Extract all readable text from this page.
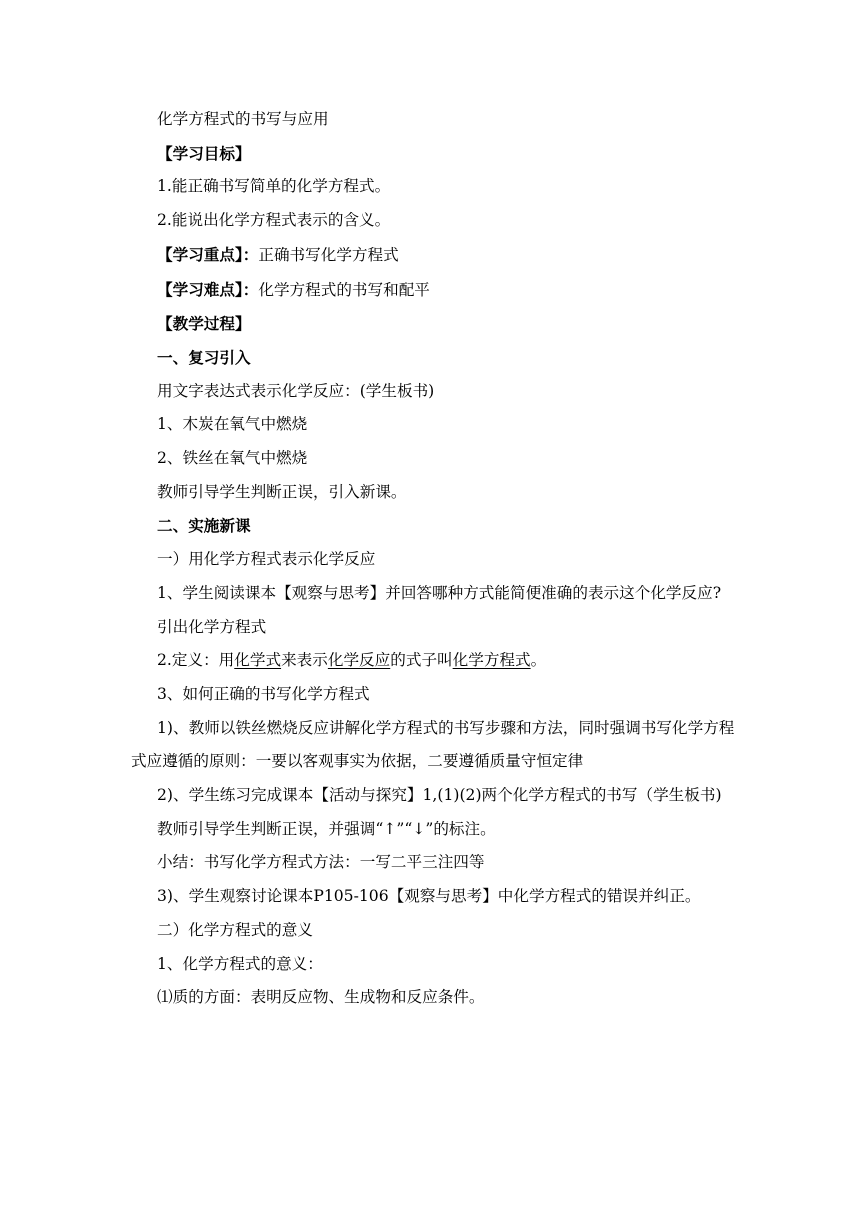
化学方程式的书写与应用
【学习目标】
1.能正确书写简单的化学方程式。
2.能说出化学方程式表示的含义。
【学习重点】：正确书写化学方程式
【学习难点】：化学方程式的书写和配平
【教学过程】
一、复习引入
用文字表达式表示化学反应：(学生板书)
1、木炭在氧气中燃烧
2、铁丝在氧气中燃烧
教师引导学生判断正误，引入新课。
二、实施新课
一）用化学方程式表示化学反应
1、学生阅读课本【观察与思考】并回答哪种方式能简便准确的表示这个化学反应?
引出化学方程式
2.定义：用化学式来表示化学反应的式子叫化学方程式。
3、如何正确的书写化学方程式
1)、教师以铁丝燃烧反应讲解化学方程式的书写步骤和方法，同时强调书写化学方程式应遵循的原则：一要以客观事实为依据，二要遵循质量守恒定律
2)、学生练习完成课本【活动与探究】1,(1)(2)两个化学方程式的书写（学生板书)
教师引导学生判断正误，并强调“↑”“↓”的标注。
小结：书写化学方程式方法：一写二平三注四等
3)、学生观察讨论课本P105-106【观察与思考】中化学方程式的错误并纠正。
二）化学方程式的意义
1、化学方程式的意义：
⑴质的方面：表明反应物、生成物和反应条件。
